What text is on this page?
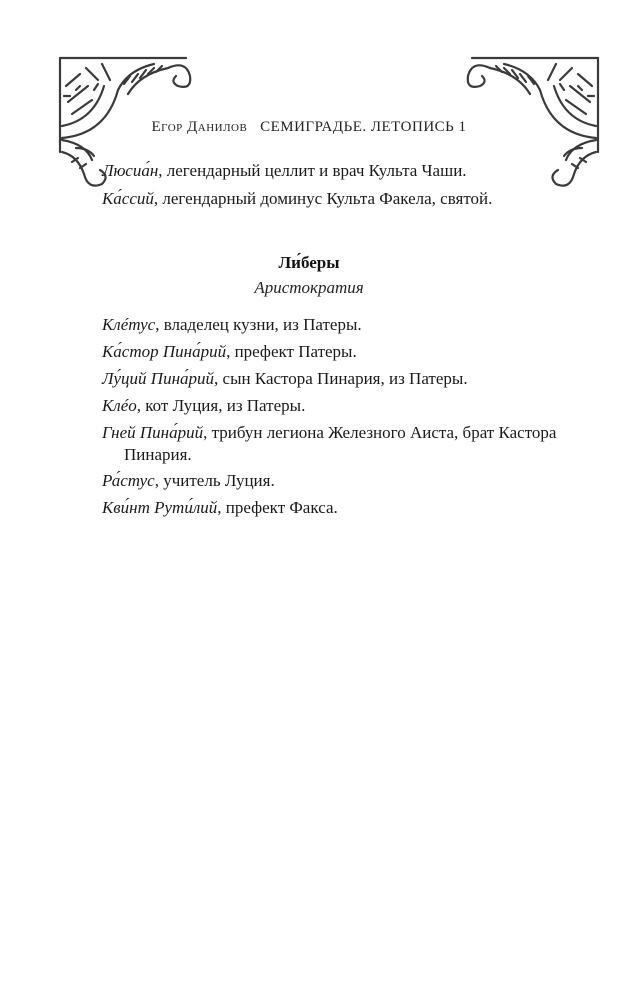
Егор Данилов СЕМИГРАДЬЕ. ЛЕТОПИСЬ 1
Люсиа́н, легендарный целлит и врач Культа Чаши.
Ка́ссий, легендарный доминус Культа Факела, святой.
Ли́беры
Аристократия
Клéтус, владелец кузни, из Патеры.
Ка́стор Пина́рий, префект Патеры.
Лу́ций Пина́рий, сын Кастора Пинария, из Патеры.
Клéо, кот Луция, из Патеры.
Гней Пина́рий, трибун легиона Железного Аиста, брат Кастора Пинария.
Ра́стус, учитель Луция.
Кви́нт Рути́лий, префект Факса.
